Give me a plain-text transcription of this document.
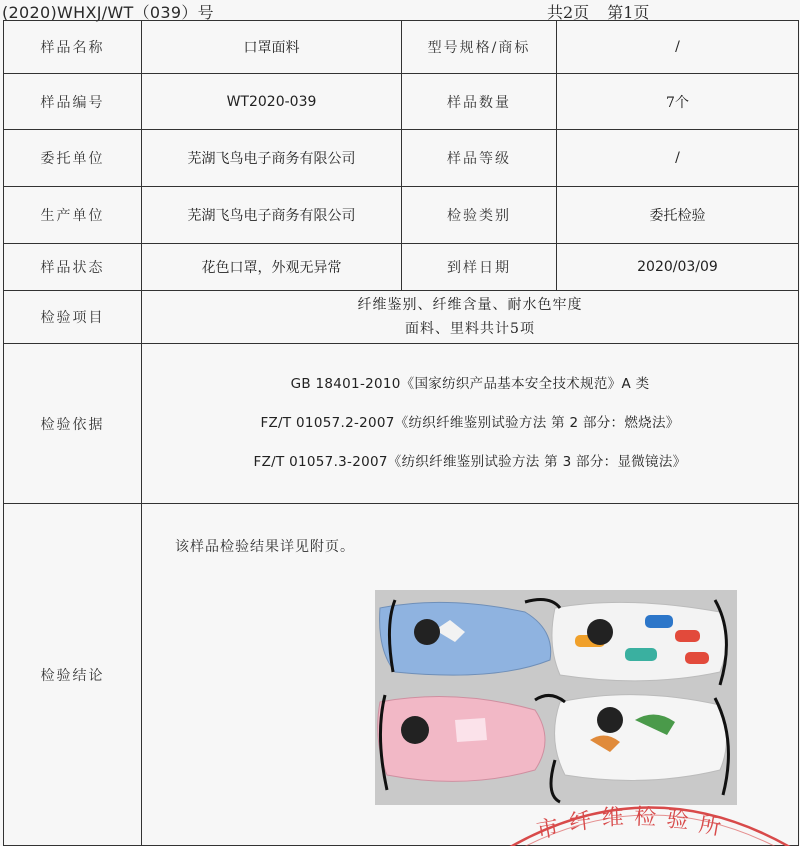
(2020)WHXJ/WT（039）号	共2页 第1页
样品名称	口罩面料	型号规格/商标	/
样品编号	WT2020-039	样品数量	7个
委托单位	芜湖飞鸟电子商务有限公司	样品等级	/
生产单位	芜湖飞鸟电子商务有限公司	检验类别	委托检验
样品状态	花色口罩，外观无异常	到样日期	2020/03/09
检验项目	纤维鉴别、纤维含量、耐水色牢度
面料、里料共计5项		

检验依据	GB 18401-2010《国家纺织产品基本安全技术规范》A 类
FZ/T 01057.2-2007《纺织纤维鉴别试验方法 第 2 部分：燃烧法》
FZ/T 01057.3-2007《纺织纤维鉴别试验方法 第 3 部分：显微镜法》		

检验结论			
该样品检验结果详见附页。
市 纤 维 检 验 所
